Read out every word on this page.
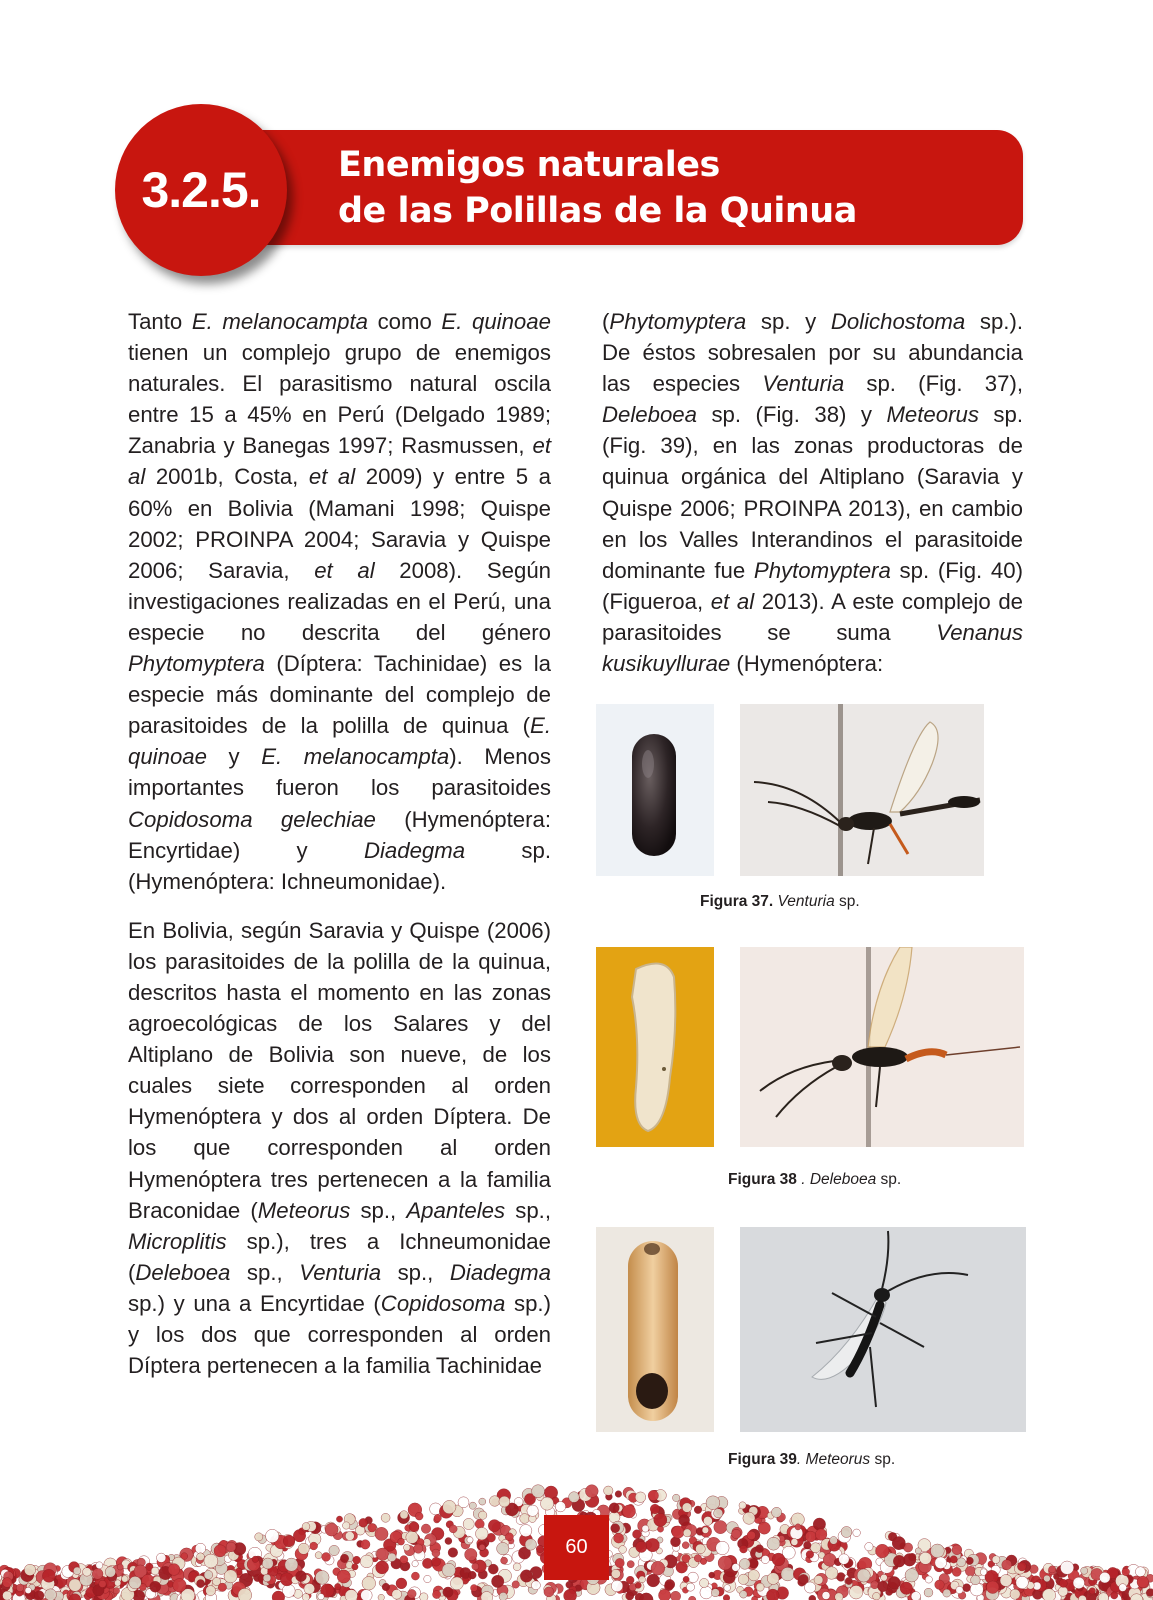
3.2.5.	Enemigos naturales
de las Polillas de la Quinua

Tanto E. melanocampta como E. quinoae tienen un complejo grupo de enemigos naturales. El parasitismo natural oscila entre 15 a 45% en Perú (Delgado 1989; Zanabria y Banegas 1997; Rasmussen, et al 2001b, Costa, et al 2009) y entre 5 a 60% en Bolivia (Mamani 1998; Quispe 2002; PROINPA 2004; Saravia y Quispe 2006; Saravia, et al 2008). Según investigaciones realizadas en el Perú, una especie no descrita del género Phytomyptera (Díptera: Tachinidae) es la especie más dominante del complejo de parasitoides de la polilla de quinua (E. quinoae y E. melanocampta). Menos importantes fueron los parasitoides Copidosoma gelechiae (Hymenóptera: Encyrtidae) y Diadegma sp. (Hymenóptera: Ichneumonidae).

En Bolivia, según Saravia y Quispe (2006) los parasitoides de la polilla de la quinua, descritos hasta el momento en las zonas agroecológicas de los Salares y del Altiplano de Bolivia son nueve, de los cuales siete corresponden al orden Hymenóptera y dos al orden Díptera. De los que corresponden al orden Hymenóptera tres pertenecen a la familia Braconidae (Meteorus sp., Apanteles sp., Microplitis sp.), tres a Ichneumonidae (Deleboea sp., Venturia sp., Diadegma sp.) y una a Encyrtidae (Copidosoma sp.) y los dos que corresponden al orden Díptera pertenecen a la familia Tachinidae

(Phytomyptera sp. y Dolichostoma sp.). De éstos sobresalen por su abundancia las especies Venturia sp. (Fig. 37), Deleboea sp. (Fig. 38) y Meteorus sp. (Fig. 39), en las zonas productoras de quinua orgánica del Altiplano (Saravia y Quispe 2006; PROINPA 2013), en cambio en los Valles Interandinos el parasitoide dominante fue Phytomyptera sp. (Fig. 40) (Figueroa, et al 2013). A este complejo de parasitoides se suma Venanus kusikuyllurae (Hymenóptera:

Figura 37. Venturia sp.
Figura 38 . Deleboea sp.
Figura 39. Meteorus sp.
60
